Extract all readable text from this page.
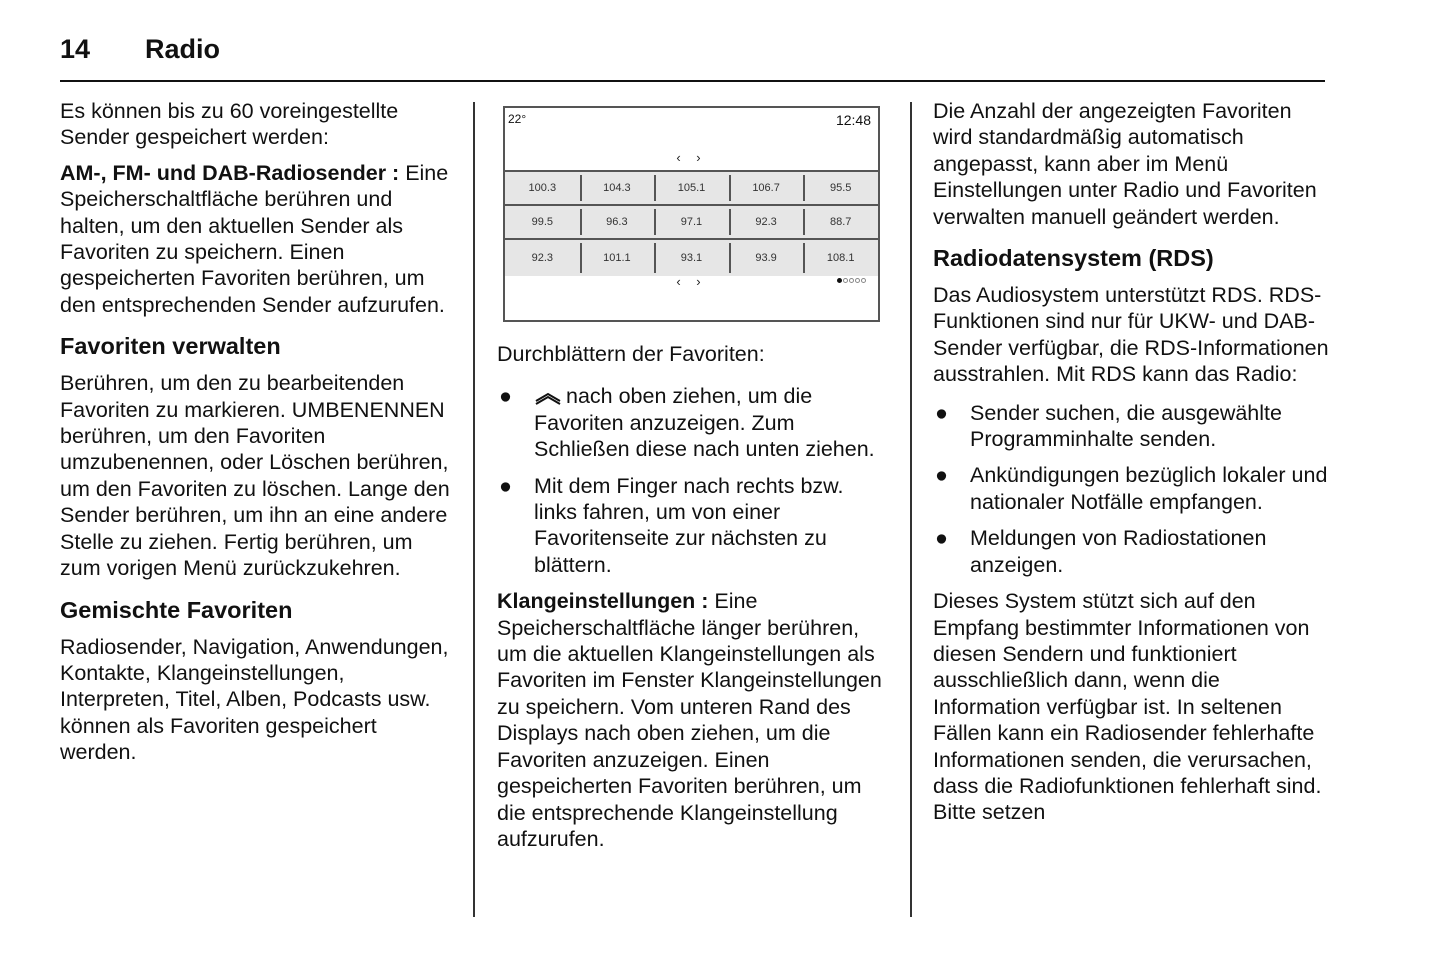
14 Radio

Es können bis zu 60 voreingestellte Sender gespeichert werden:

AM-, FM- und DAB-Radiosender : Eine Speicherschaltfläche berühren und halten, um den aktuellen Sender als Favoriten zu speichern. Einen gespeicherten Favoriten berühren, um den entsprechenden Sender aufzurufen.

Favoriten verwalten

Berühren, um den zu bearbeitenden Favoriten zu markieren. UMBENENNEN berühren, um den Favoriten umzubenennen, oder Löschen berühren, um den Favoriten zu löschen. Lange den Sender berühren, um ihn an eine andere Stelle zu ziehen. Fertig berühren, um zum vorigen Menü zurückzukehren.

Gemischte Favoriten

Radiosender, Navigation, Anwendungen, Kontakte, Klangeinstellungen, Interpreten, Titel, Alben, Podcasts usw. können als Favoriten gespeichert werden.

22°	12:48
‹ ›
100.3	104.3	105.1	106.7	95.5
99.5	96.3	97.1	92.3	88.7
92.3	101.1	93.1	93.9	108.1
‹ ›

Durchblättern der Favoriten:

●	nach oben ziehen, um die Favoriten anzuzeigen. Zum Schließen diese nach unten ziehen.
● Mit dem Finger nach rechts bzw. links fahren, um von einer Favoritenseite zur nächsten zu blättern.

Klangeinstellungen : Eine Speicherschaltfläche länger berühren, um die aktuellen Klangeinstellungen als Favoriten im Fenster Klangeinstellungen zu speichern. Vom unteren Rand des Displays nach oben ziehen, um die Favoriten anzuzeigen. Einen gespeicherten Favoriten berühren, um die entsprechende Klangeinstellung aufzurufen.

Die Anzahl der angezeigten Favoriten wird standardmäßig automatisch angepasst, kann aber im Menü Einstellungen unter Radio und Favoriten verwalten manuell geändert werden.

Radiodatensystem (RDS)

Das Audiosystem unterstützt RDS. RDS-Funktionen sind nur für UKW- und DAB-Sender verfügbar, die RDS-Informationen ausstrahlen. Mit RDS kann das Radio:

● Sender suchen, die ausgewählte Programminhalte senden.
● Ankündigungen bezüglich lokaler und nationaler Notfälle empfangen.
● Meldungen von Radiostationen anzeigen.

Dieses System stützt sich auf den Empfang bestimmter Informationen von diesen Sendern und funktioniert ausschließlich dann, wenn die Information verfügbar ist. In seltenen Fällen kann ein Radiosender fehlerhafte Informationen senden, die verursachen, dass die Radiofunktionen fehlerhaft sind. Bitte setzen
